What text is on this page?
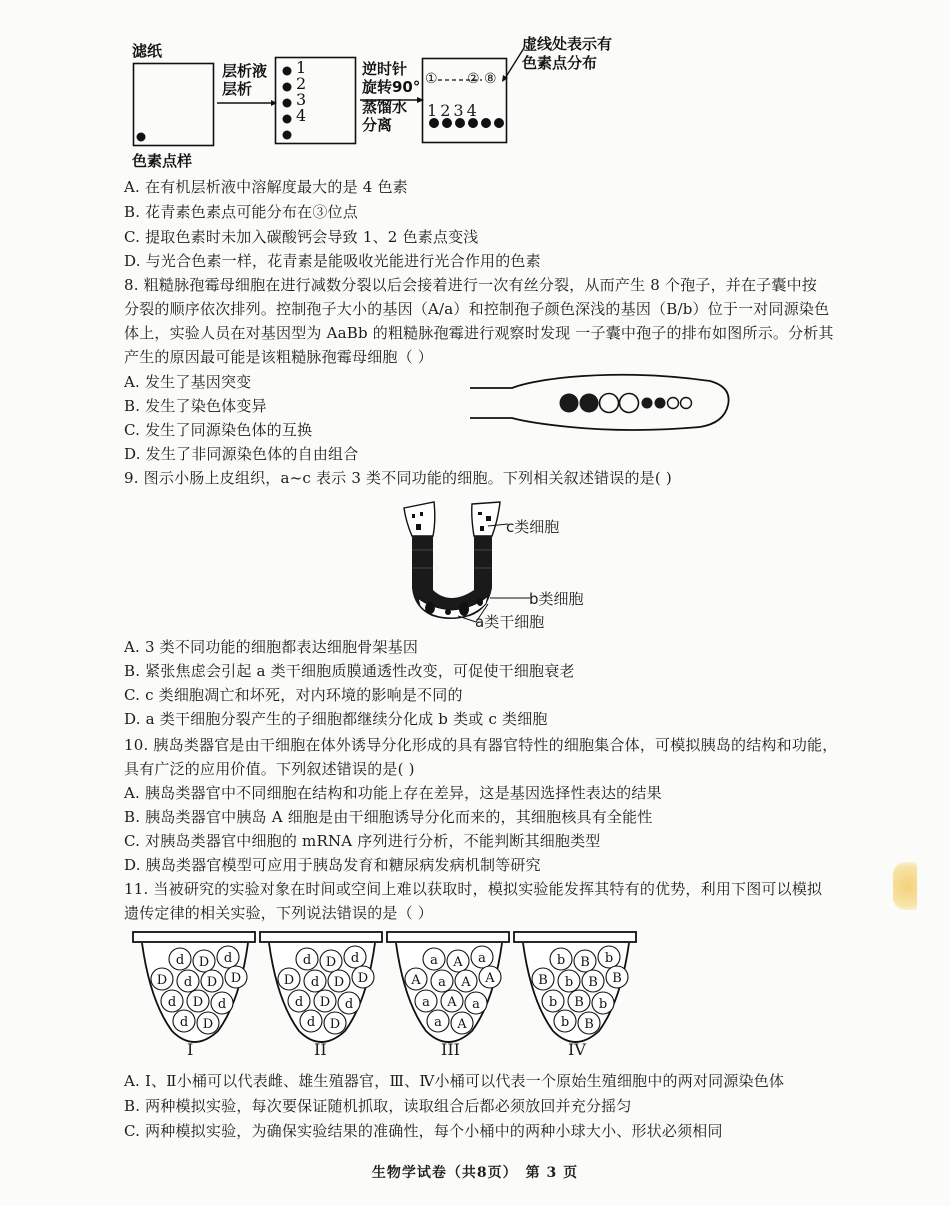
滤纸
色素点样
层析液
层析
1
2
3
4
逆时针
旋转90°
蒸馏水
分离
① ② ⑧
1234
虚线处表示有
色素点分布
A. 在有机层析液中溶解度最大的是 4 色素
B. 花青素色素点可能分布在③位点
C. 提取色素时未加入碳酸钙会导致 1、2 色素点变浅
D. 与光合色素一样，花青素是能吸收光能进行光合作用的色素
8. 粗糙脉孢霉母细胞在进行减数分裂以后会接着进行一次有丝分裂，从而产生 8 个孢子，并在子囊中按
分裂的顺序依次排列。控制孢子大小的基因（A/a）和控制孢子颜色深浅的基因（B/b）位于一对同源染色
体上，实验人员在对基因型为 AaBb 的粗糙脉孢霉进行观察时发现 一子囊中孢子的排布如图所示。分析其
产生的原因最可能是该粗糙脉孢霉母细胞（ ）
A. 发生了基因突变
B. 发生了染色体变异
C. 发生了同源染色体的互换
D. 发生了非同源染色体的自由组合
9. 图示小肠上皮组织，a~c 表示 3 类不同功能的细胞。下列相关叙述错误的是( )
c类细胞
b类细胞
a类干细胞
A. 3 类不同功能的细胞都表达细胞骨架基因
B. 紧张焦虑会引起 a 类干细胞质膜通透性改变，可促使干细胞衰老
C. c 类细胞凋亡和坏死，对内环境的影响是不同的
D. a 类干细胞分裂产生的子细胞都继续分化成 b 类或 c 类细胞
10. 胰岛类器官是由干细胞在体外诱导分化形成的具有器官特性的细胞集合体，可模拟胰岛的结构和功能，
具有广泛的应用价值。下列叙述错误的是( )
A. 胰岛类器官中不同细胞在结构和功能上存在差异，这是基因选择性表达的结果
B. 胰岛类器官中胰岛 A 细胞是由干细胞诱导分化而来的，其细胞核具有全能性
C. 对胰岛类器官中细胞的 mRNA 序列进行分析，不能判断其细胞类型
D. 胰岛类器官模型可应用于胰岛发育和糖尿病发病机制等研究
11. 当被研究的实验对象在时间或空间上难以获取时，模拟实验能发挥其特有的优势，利用下图可以模拟
遗传定律的相关实验，下列说法错误的是（ ）
d D d
D d D D
d D d
d D
I
d D d
D d D D
d D d
d D
II
a A a
A a A A
a A a
a A
III
b B b
B b B B
b B b
b B
IV
A. Ⅰ、Ⅱ小桶可以代表雌、雄生殖器官，Ⅲ、Ⅳ小桶可以代表一个原始生殖细胞中的两对同源染色体
B. 两种模拟实验，每次要保证随机抓取，读取组合后都必须放回并充分摇匀
C. 两种模拟实验，为确保实验结果的准确性，每个小桶中的两种小球大小、形状必须相同
生物学试卷（共8页）　第 3 页
